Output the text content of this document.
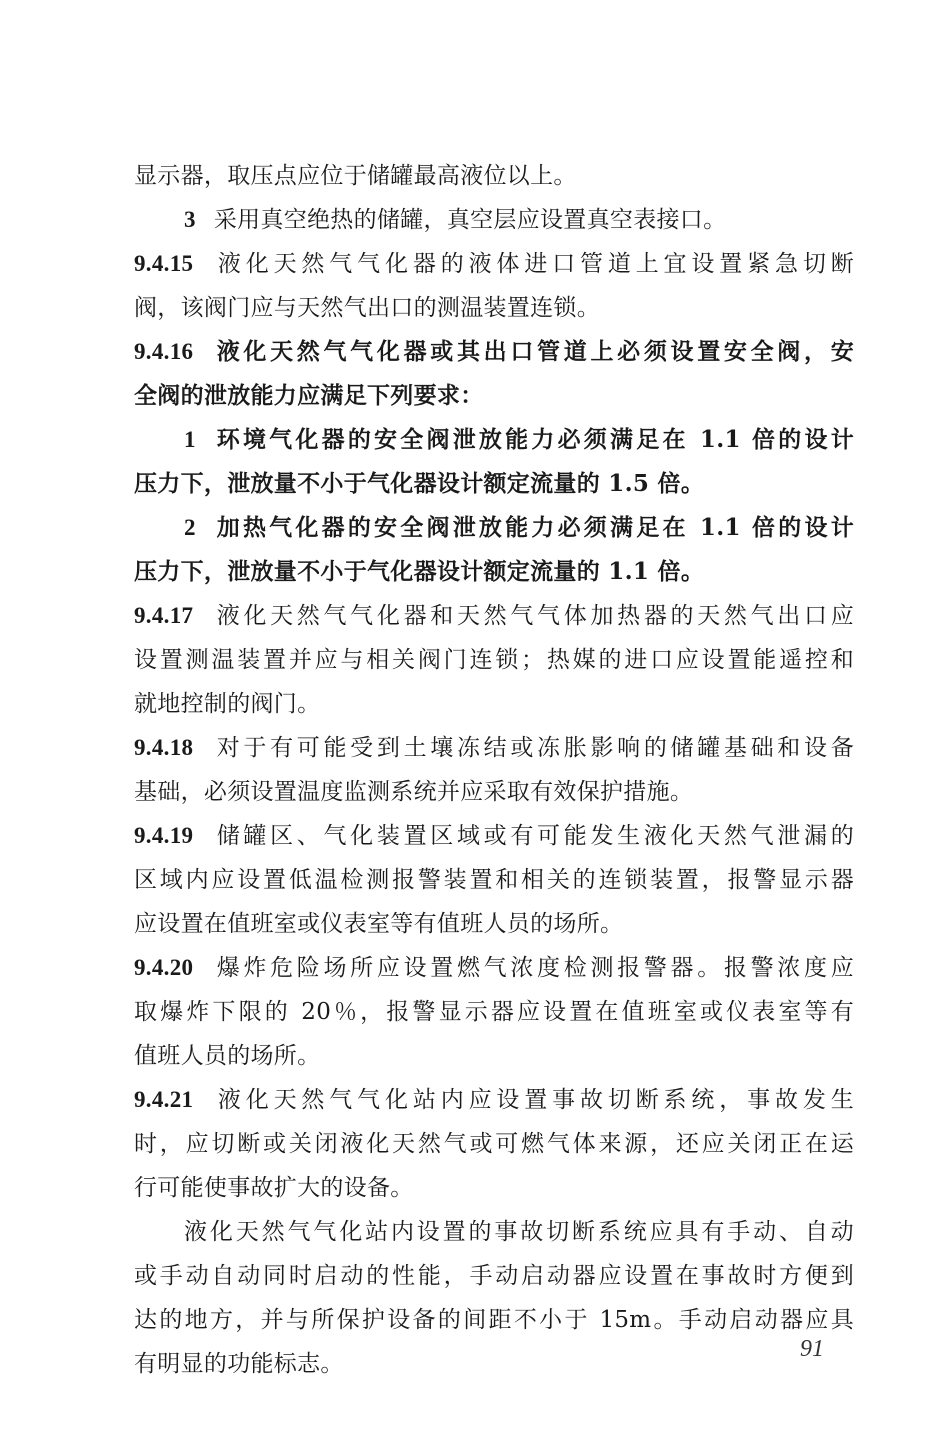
显示器，取压点应位于储罐最高液位以上。
3 采用真空绝热的储罐，真空层应设置真空表接口。
9.4.15 液化天然气气化器的液体进口管道上宜设置紧急切断
阀，该阀门应与天然气出口的测温装置连锁。
9.4.16 液化天然气气化器或其出口管道上必须设置安全阀，安
全阀的泄放能力应满足下列要求：
1 环境气化器的安全阀泄放能力必须满足在 1.1 倍的设计
压力下，泄放量不小于气化器设计额定流量的 1.5 倍。
2 加热气化器的安全阀泄放能力必须满足在 1.1 倍的设计
压力下，泄放量不小于气化器设计额定流量的 1.1 倍。
9.4.17 液化天然气气化器和天然气气体加热器的天然气出口应
设置测温装置并应与相关阀门连锁；热媒的进口应设置能遥控和
就地控制的阀门。
9.4.18 对于有可能受到土壤冻结或冻胀影响的储罐基础和设备
基础，必须设置温度监测系统并应采取有效保护措施。
9.4.19 储罐区、气化装置区域或有可能发生液化天然气泄漏的
区域内应设置低温检测报警装置和相关的连锁装置，报警显示器
应设置在值班室或仪表室等有值班人员的场所。
9.4.20 爆炸危险场所应设置燃气浓度检测报警器。报警浓度应
取爆炸下限的 20％，报警显示器应设置在值班室或仪表室等有
值班人员的场所。
9.4.21 液化天然气气化站内应设置事故切断系统，事故发生
时，应切断或关闭液化天然气或可燃气体来源，还应关闭正在运
行可能使事故扩大的设备。
液化天然气气化站内设置的事故切断系统应具有手动、自动
或手动自动同时启动的性能，手动启动器应设置在事故时方便到
达的地方，并与所保护设备的间距不小于 15m。手动启动器应具
有明显的功能标志。
91
